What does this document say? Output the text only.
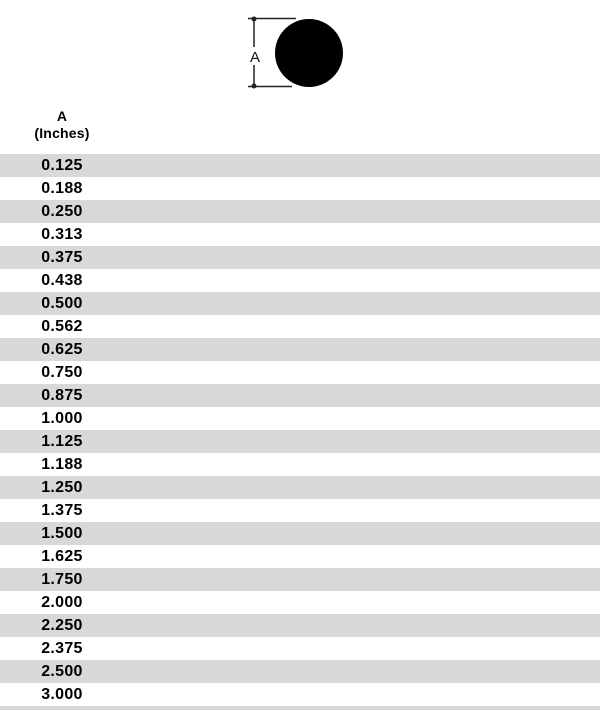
A
A
(Inches)
0.125
0.188
0.250
0.313
0.375
0.438
0.500
0.562
0.625
0.750
0.875
1.000
1.125
1.188
1.250
1.375
1.500
1.625
1.750
2.000
2.250
2.375
2.500
3.000
